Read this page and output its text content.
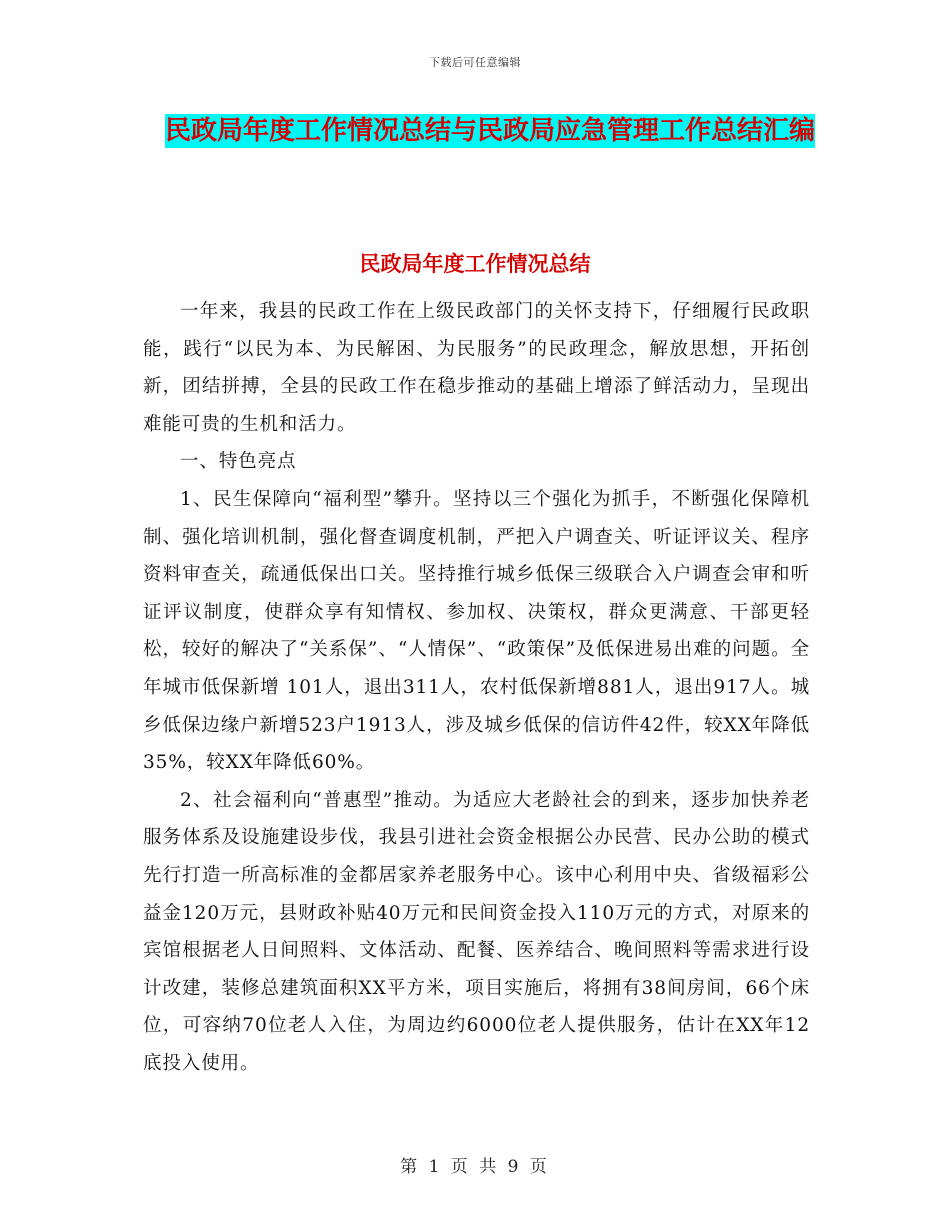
下载后可任意编辑
民政局年度工作情况总结与民政局应急管理工作总结汇编
民政局年度工作情况总结

一年来，我县的民政工作在上级民政部门的关怀支持下，仔细履行民政职能，践行“以民为本、为民解困、为民服务”的民政理念，解放思想，开拓创新，团结拼搏，全县的民政工作在稳步推动的基础上增添了鲜活动力，呈现出难能可贵的生机和活力。

一、特色亮点

1、民生保障向“福利型”攀升。坚持以三个强化为抓手，不断强化保障机制、强化培训机制，强化督查调度机制，严把入户调查关、听证评议关、程序资料审查关，疏通低保出口关。坚持推行城乡低保三级联合入户调查会审和听证评议制度，使群众享有知情权、参加权、决策权，群众更满意、干部更轻松，较好的解决了“关系保”、“人情保”、“政策保”及低保进易出难的问题。全年城市低保新增 101人，退出311人，农村低保新增881人，退出917人。城乡低保边缘户新增523户1913人，涉及城乡低保的信访件42件，较XX年降低35%，较XX年降低60%。

2、社会福利向“普惠型”推动。为适应大老龄社会的到来，逐步加快养老服务体系及设施建设步伐，我县引进社会资金根据公办民营、民办公助的模式先行打造一所高标准的金都居家养老服务中心。该中心利用中央、省级福彩公益金120万元，县财政补贴40万元和民间资金投入110万元的方式，对原来的宾馆根据老人日间照料、文体活动、配餐、医养结合、晚间照料等需求进行设计改建，装修总建筑面积XX平方米，项目实施后，将拥有38间房间，66个床位，可容纳70位老人入住，为周边约6000位老人提供服务，估计在XX年12底投入使用。

第 1 页 共 9 页
